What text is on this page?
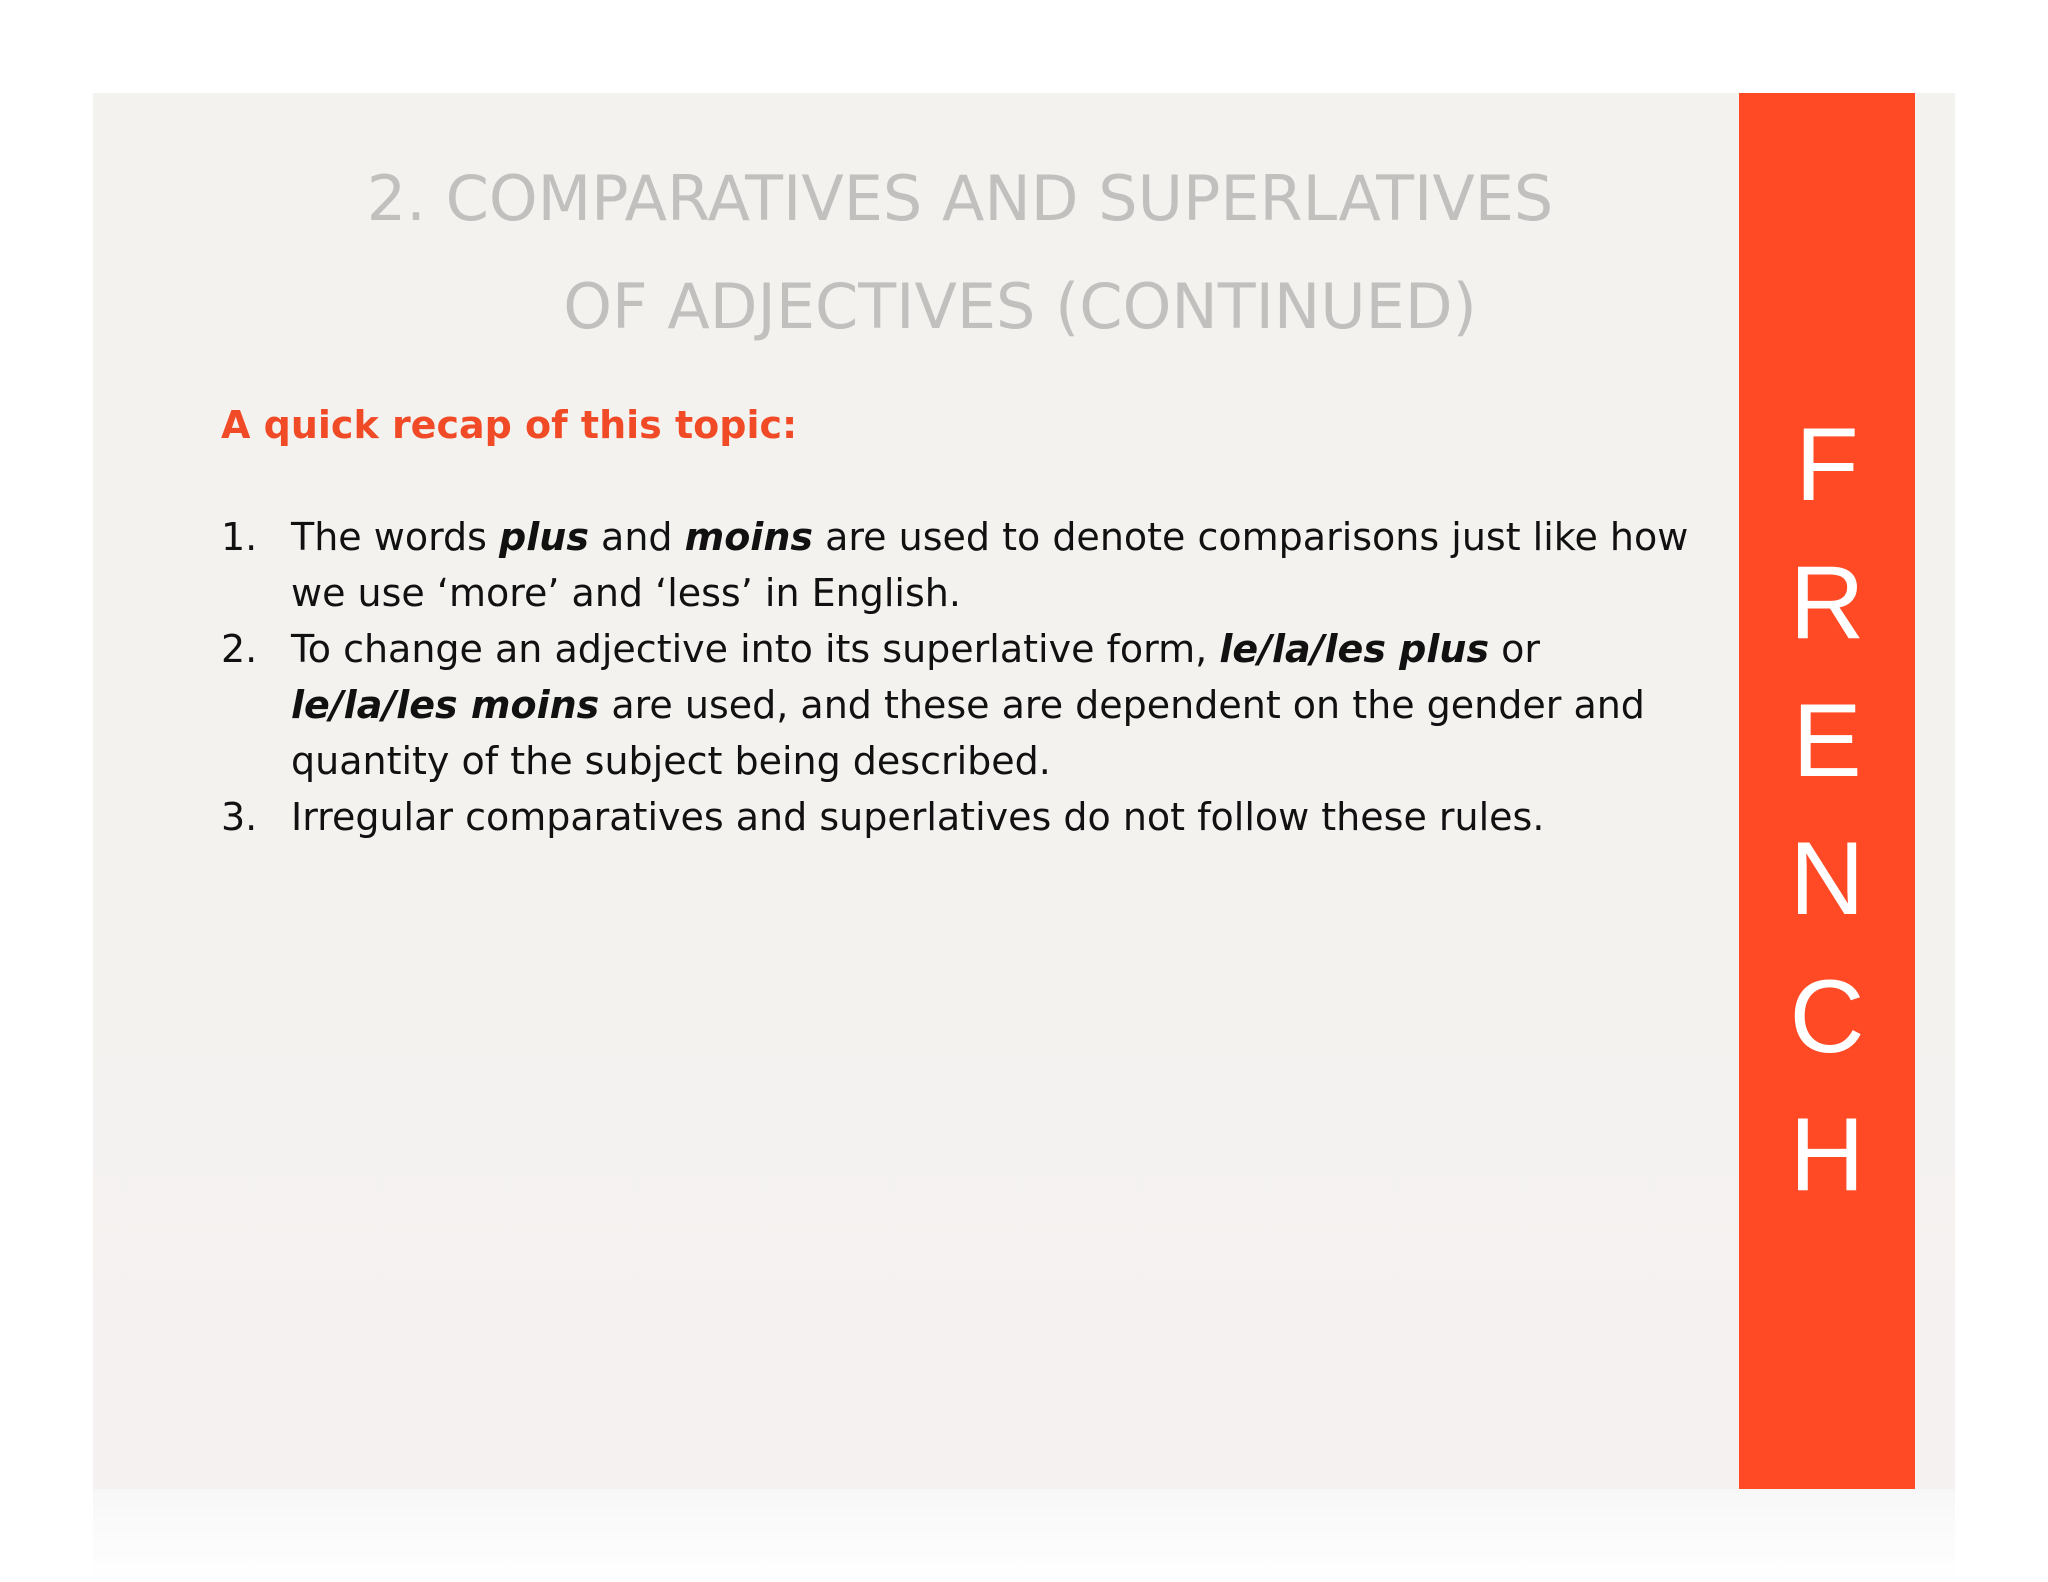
F
R
E
N
C
H
2. COMPARATIVES AND SUPERLATIVES
OF ADJECTIVES (CONTINUED)
A quick recap of this topic:
1. The words plus and moins are used to denote comparisons just like how we use ‘more’ and ‘less’ in English.
2. To change an adjective into its superlative form, le/la/les plus or le/la/les moins are used, and these are dependent on the gender and quantity of the subject being described.
3. Irregular comparatives and superlatives do not follow these rules.
